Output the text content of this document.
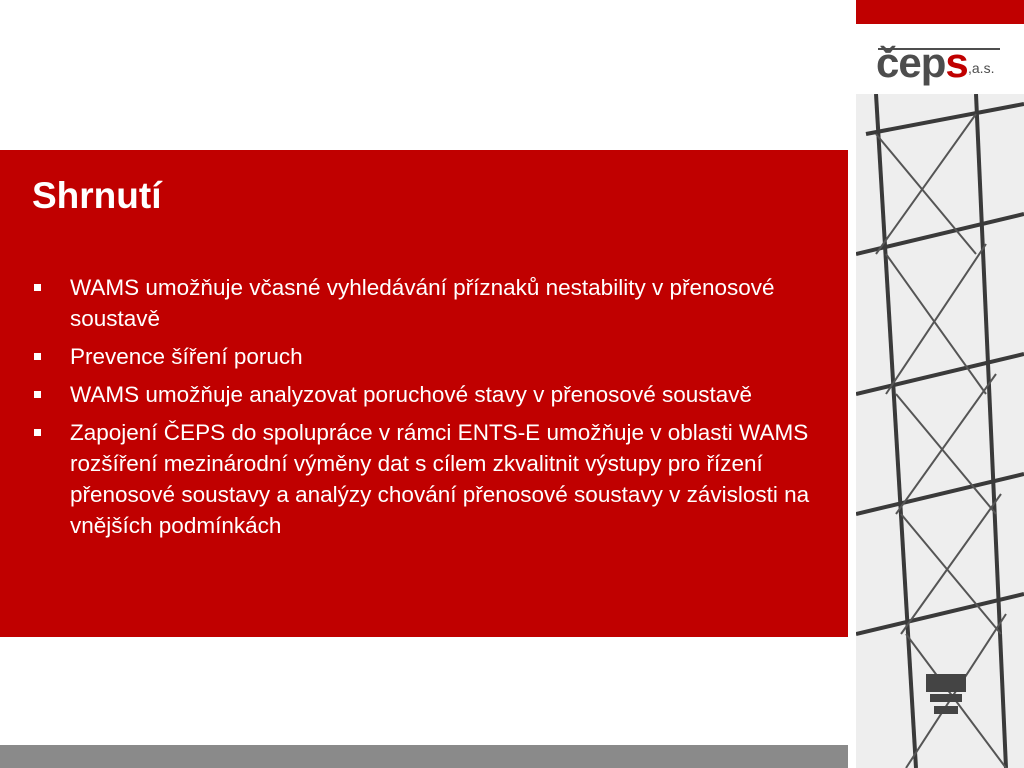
čeps ,a.s.
Shrnutí
WAMS umožňuje včasné vyhledávání příznaků nestability v přenosové soustavě
Prevence šíření poruch
WAMS umožňuje analyzovat poruchové stavy v přenosové soustavě
Zapojení ČEPS do spolupráce v rámci ENTS-E umožňuje v oblasti WAMS rozšíření mezinárodní výměny dat s cílem zkvalitnit výstupy pro řízení přenosové soustavy a analýzy chování přenosové soustavy v závislosti na vnějších podmínkách
